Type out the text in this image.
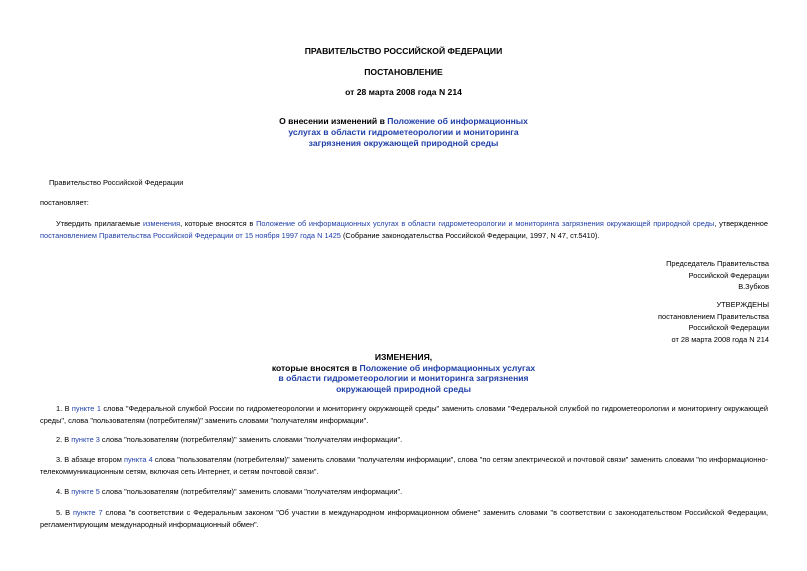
ПРАВИТЕЛЬСТВО РОССИЙСКОЙ ФЕДЕРАЦИИ
ПОСТАНОВЛЕНИЕ
от 28 марта 2008 года N 214
О внесении изменений в Положение об информационных
услугах в области гидрометеорологии и мониторинга
загрязнения окружающей природной среды
Правительство Российской Федерации
постановляет:
Утвердить прилагаемые изменения, которые вносятся в Положение об информационных услугах в области гидрометеорологии и мониторинга загрязнения окружающей природной среды, утвержденное постановлением Правительства Российской Федерации от 15 ноября 1997 года N 1425 (Собрание законодательства Российской Федерации, 1997, N 47, ст.5410).
Председатель Правительства
Российской Федерации
В.Зубков
УТВЕРЖДЕНЫ
постановлением Правительства
Российской Федерации
от 28 марта 2008 года N 214
ИЗМЕНЕНИЯ,
которые вносятся в Положение об информационных услугах
в области гидрометеорологии и мониторинга загрязнения
окружающей природной среды
1. В пункте 1 слова "Федеральной службой России по гидрометеорологии и мониторингу окружающей среды" заменить словами "Федеральной службой по гидрометеорологии и мониторингу окружающей среды", слова "пользователям (потребителям)" заменить словами "получателям информации".
2. В пункте 3 слова "пользователям (потребителям)" заменить словами "получателям информации".
3. В абзаце втором пункта 4 слова "пользователям (потребителям)" заменить словами "получателям информации", слова "по сетям электрической и почтовой связи" заменить словами "по информационно-телекоммуникационным сетям, включая сеть Интернет, и сетям почтовой связи".
4. В пункте 5 слова "пользователям (потребителям)" заменить словами "получателям информации".
5. В пункте 7 слова "в соответствии с Федеральным законом "Об участии в международном информационном обмене" заменить словами "в соответствии с законодательством Российской Федерации, регламентирующим международный информационный обмен".
